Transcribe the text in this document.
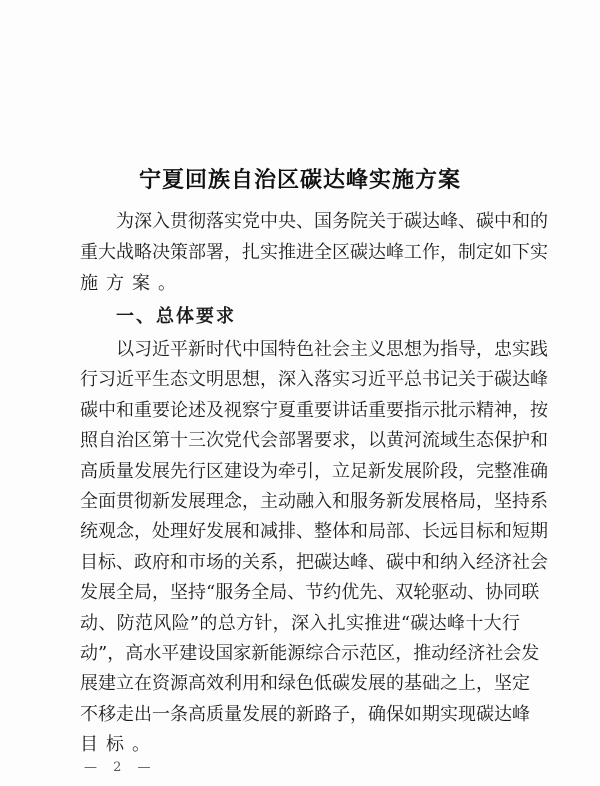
宁夏回族自治区碳达峰实施方案
为深入贯彻落实党中央、国务院关于碳达峰、碳中和的
重大战略决策部署，扎实推进全区碳达峰工作，制定如下实
施方案。
一、总体要求
以习近平新时代中国特色社会主义思想为指导，忠实践
行习近平生态文明思想，深入落实习近平总书记关于碳达峰
碳中和重要论述及视察宁夏重要讲话重要指示批示精神，按
照自治区第十三次党代会部署要求，以黄河流域生态保护和
高质量发展先行区建设为牵引，立足新发展阶段，完整准确
全面贯彻新发展理念，主动融入和服务新发展格局，坚持系
统观念，处理好发展和减排、整体和局部、长远目标和短期
目标、政府和市场的关系，把碳达峰、碳中和纳入经济社会
发展全局，坚持“服务全局、节约优先、双轮驱动、协同联
动、防范风险”的总方针，深入扎实推进“碳达峰十大行
动”，高水平建设国家新能源综合示范区，推动经济社会发
展建立在资源高效利用和绿色低碳发展的基础之上，坚定
不移走出一条高质量发展的新路子，确保如期实现碳达峰
目标。
— 2 —
